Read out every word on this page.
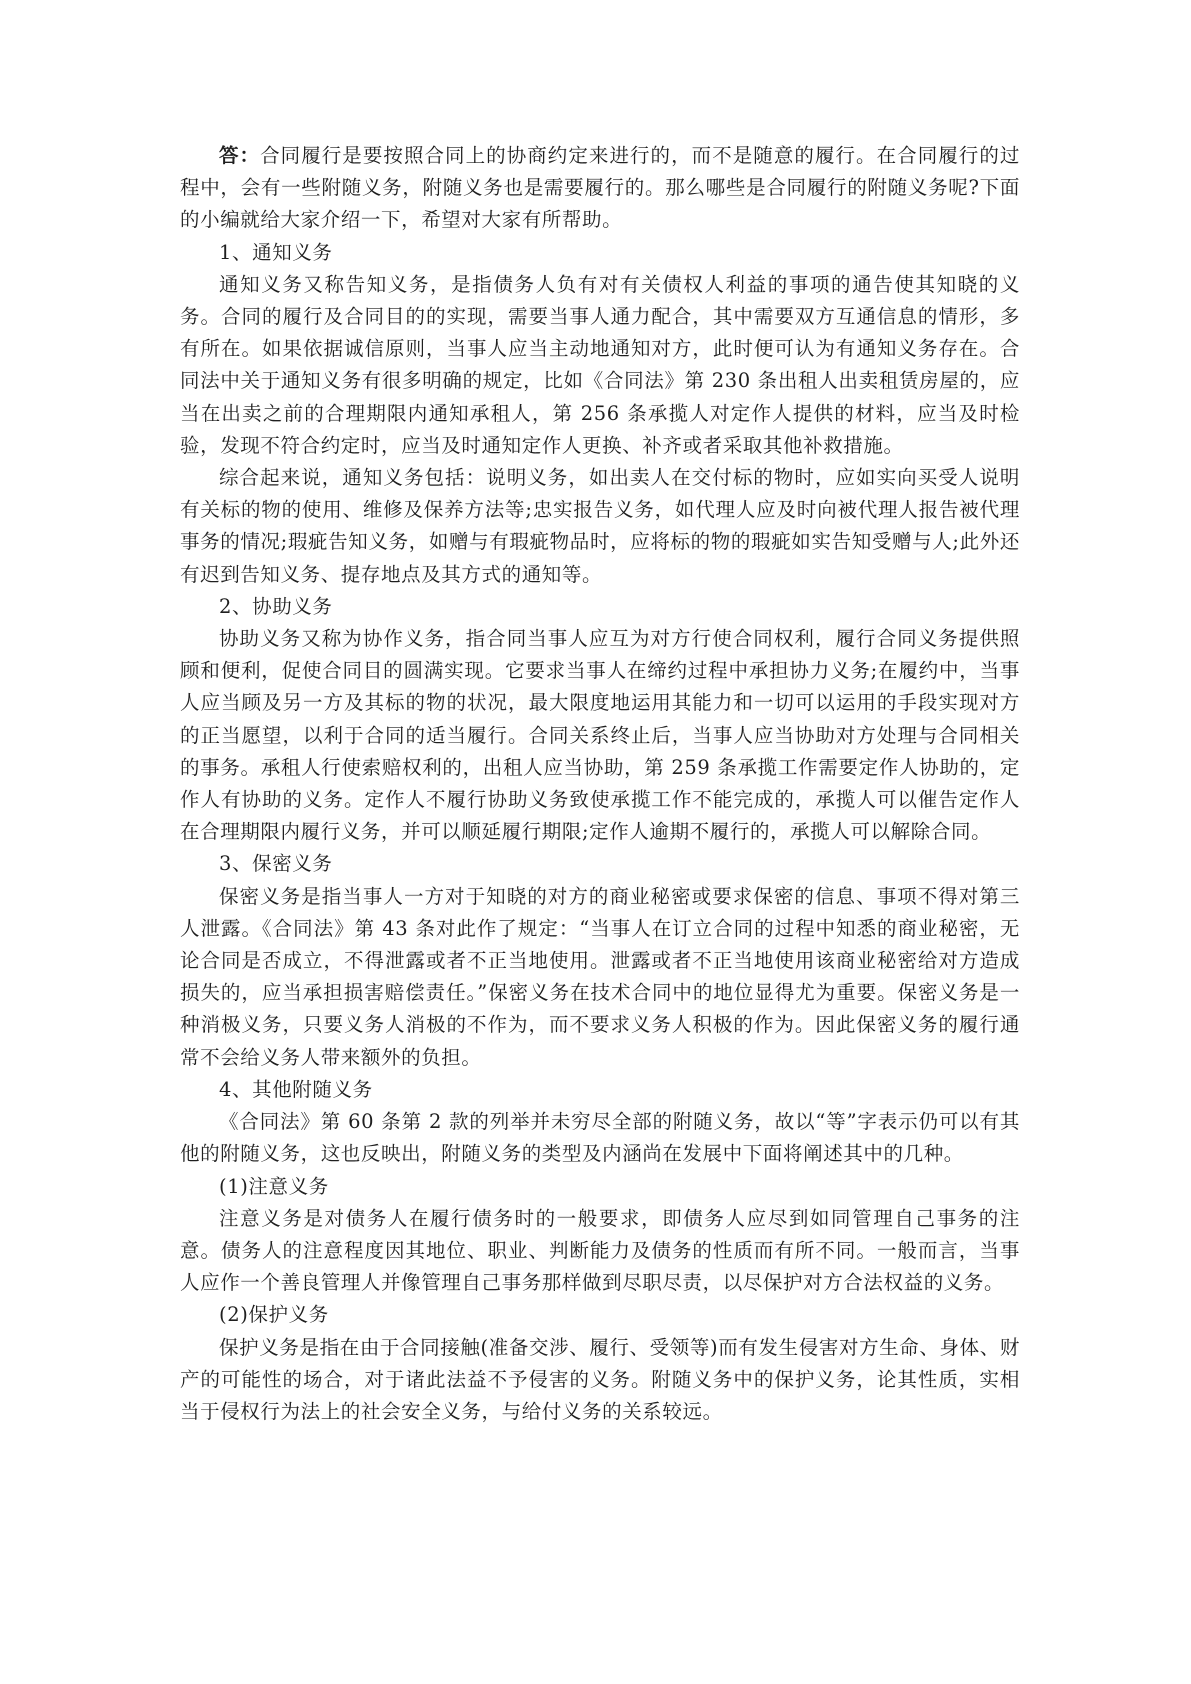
答：合同履行是要按照合同上的协商约定来进行的，而不是随意的履行。在合同履行的过程中，会有一些附随义务，附随义务也是需要履行的。那么哪些是合同履行的附随义务呢?下面的小编就给大家介绍一下，希望对大家有所帮助。

1、通知义务

通知义务又称告知义务，是指债务人负有对有关债权人利益的事项的通告使其知晓的义务。合同的履行及合同目的的实现，需要当事人通力配合，其中需要双方互通信息的情形，多有所在。如果依据诚信原则，当事人应当主动地通知对方，此时便可认为有通知义务存在。合同法中关于通知义务有很多明确的规定，比如《合同法》第 230 条出租人出卖租赁房屋的，应当在出卖之前的合理期限内通知承租人，第 256 条承揽人对定作人提供的材料，应当及时检验，发现不符合约定时，应当及时通知定作人更换、补齐或者采取其他补救措施。

综合起来说，通知义务包括：说明义务，如出卖人在交付标的物时，应如实向买受人说明有关标的物的使用、维修及保养方法等;忠实报告义务，如代理人应及时向被代理人报告被代理事务的情况;瑕疵告知义务，如赠与有瑕疵物品时，应将标的物的瑕疵如实告知受赠与人;此外还有迟到告知义务、提存地点及其方式的通知等。

2、协助义务

协助义务又称为协作义务，指合同当事人应互为对方行使合同权利，履行合同义务提供照顾和便利，促使合同目的圆满实现。它要求当事人在缔约过程中承担协力义务;在履约中，当事人应当顾及另一方及其标的物的状况，最大限度地运用其能力和一切可以运用的手段实现对方的正当愿望，以利于合同的适当履行。合同关系终止后，当事人应当协助对方处理与合同相关的事务。承租人行使索赔权利的，出租人应当协助，第 259 条承揽工作需要定作人协助的，定作人有协助的义务。定作人不履行协助义务致使承揽工作不能完成的，承揽人可以催告定作人在合理期限内履行义务，并可以顺延履行期限;定作人逾期不履行的，承揽人可以解除合同。

3、保密义务

保密义务是指当事人一方对于知晓的对方的商业秘密或要求保密的信息、事项不得对第三人泄露。《合同法》第 43 条对此作了规定：“当事人在订立合同的过程中知悉的商业秘密，无论合同是否成立，不得泄露或者不正当地使用。泄露或者不正当地使用该商业秘密给对方造成损失的，应当承担损害赔偿责任。”保密义务在技术合同中的地位显得尤为重要。保密义务是一种消极义务，只要义务人消极的不作为，而不要求义务人积极的作为。因此保密义务的履行通常不会给义务人带来额外的负担。

4、其他附随义务

《合同法》第 60 条第 2 款的列举并未穷尽全部的附随义务，故以“等”字表示仍可以有其他的附随义务，这也反映出，附随义务的类型及内涵尚在发展中下面将阐述其中的几种。

(1)注意义务

注意义务是对债务人在履行债务时的一般要求，即债务人应尽到如同管理自己事务的注意。债务人的注意程度因其地位、职业、判断能力及债务的性质而有所不同。一般而言，当事人应作一个善良管理人并像管理自己事务那样做到尽职尽责，以尽保护对方合法权益的义务。

(2)保护义务

保护义务是指在由于合同接触(准备交涉、履行、受领等)而有发生侵害对方生命、身体、财产的可能性的场合，对于诸此法益不予侵害的义务。附随义务中的保护义务，论其性质，实相当于侵权行为法上的社会安全义务，与给付义务的关系较远。
